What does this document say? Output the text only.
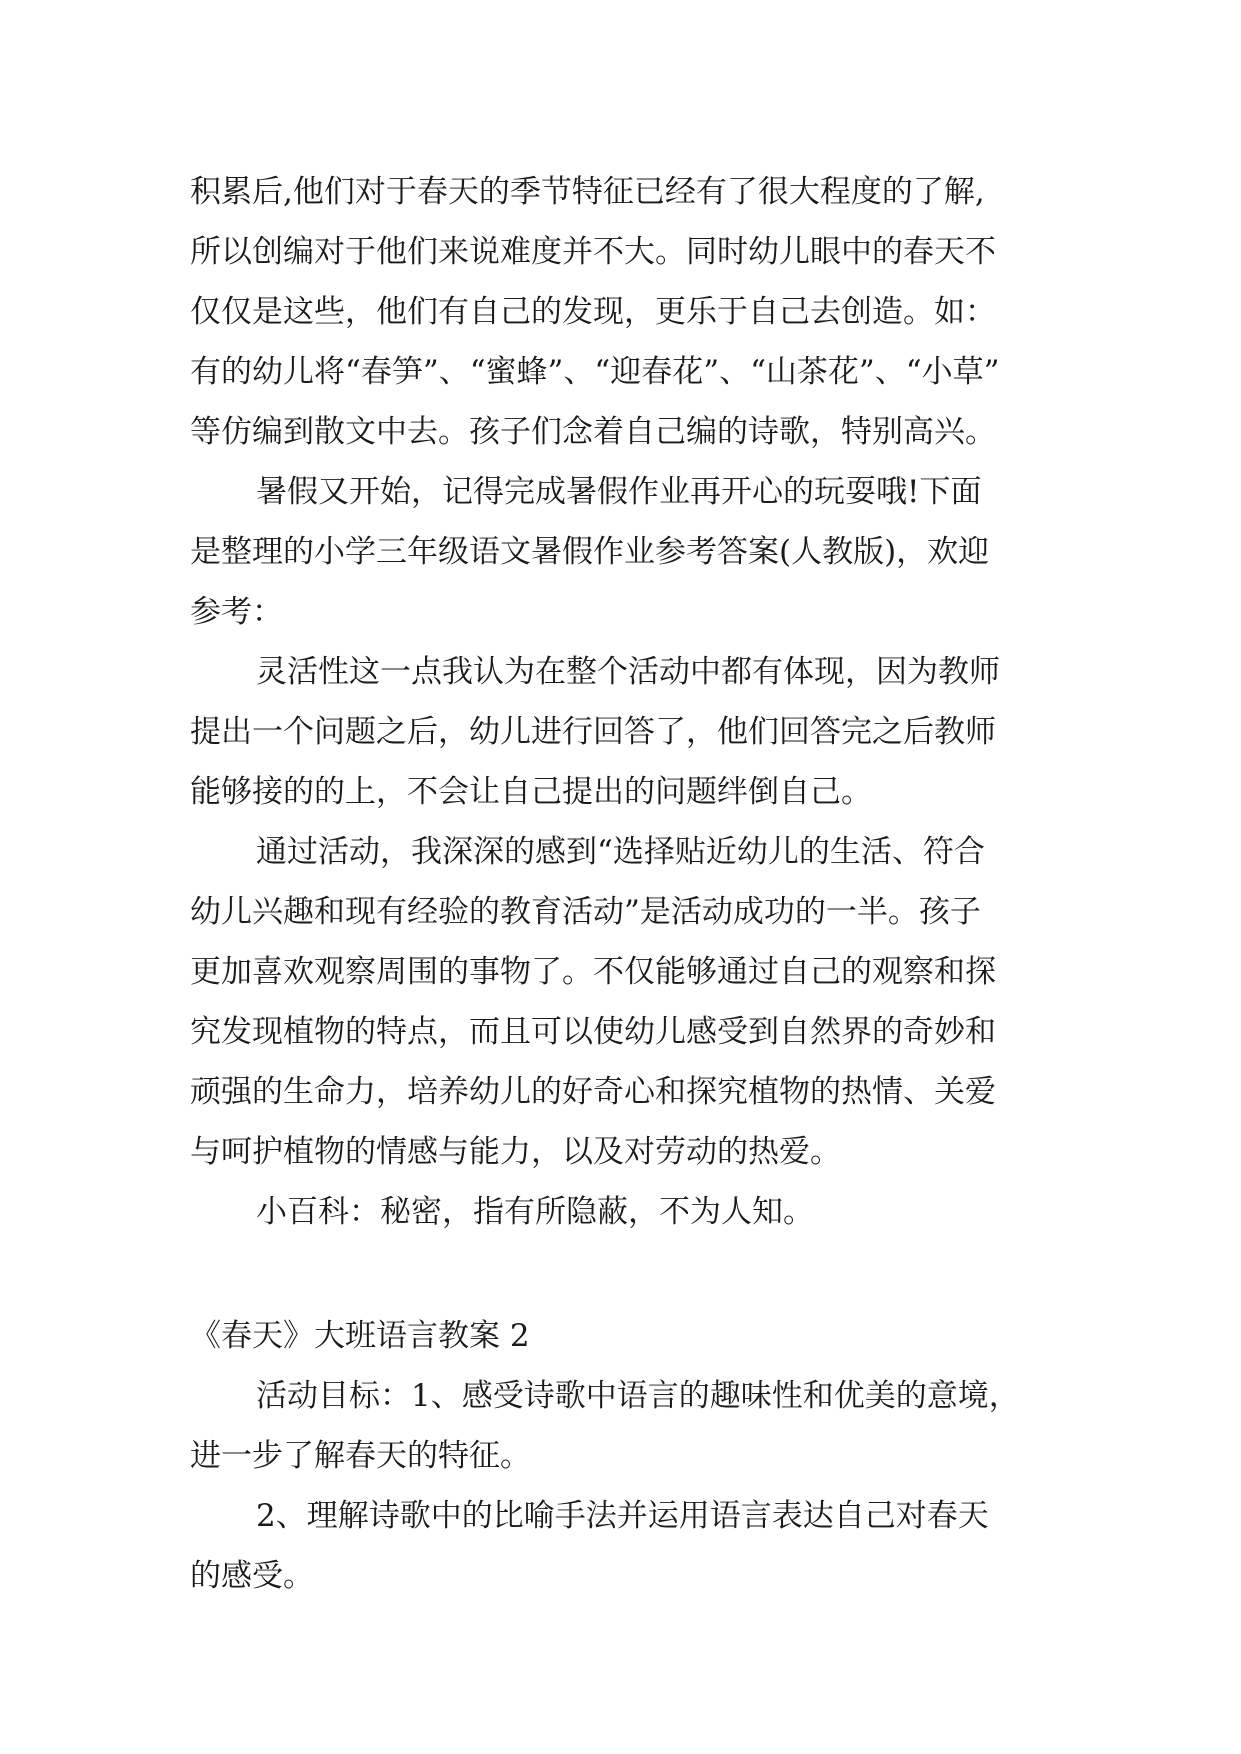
积累后,他们对于春天的季节特征已经有了很大程度的了解,
所以创编对于他们来说难度并不大。同时幼儿眼中的春天不
仅仅是这些，他们有自己的发现，更乐于自己去创造。如：
有的幼儿将“春笋”、“蜜蜂”、“迎春花”、“山茶花”、“小草”
等仿编到散文中去。孩子们念着自己编的诗歌，特别高兴。

暑假又开始，记得完成暑假作业再开心的玩耍哦!下面
是整理的小学三年级语文暑假作业参考答案(人教版)，欢迎
参考：

灵活性这一点我认为在整个活动中都有体现，因为教师
提出一个问题之后，幼儿进行回答了，他们回答完之后教师
能够接的的上，不会让自己提出的问题绊倒自己。

通过活动，我深深的感到“选择贴近幼儿的生活、符合
幼儿兴趣和现有经验的教育活动”是活动成功的一半。孩子
更加喜欢观察周围的事物了。不仅能够通过自己的观察和探
究发现植物的特点，而且可以使幼儿感受到自然界的奇妙和
顽强的生命力，培养幼儿的好奇心和探究植物的热情、关爱
与呵护植物的情感与能力，以及对劳动的热爱。

小百科：秘密，指有所隐蔽，不为人知。

《春天》大班语言教案 2

活动目标：1、感受诗歌中语言的趣味性和优美的意境，
进一步了解春天的特征。

2、理解诗歌中的比喻手法并运用语言表达自己对春天
的感受。
